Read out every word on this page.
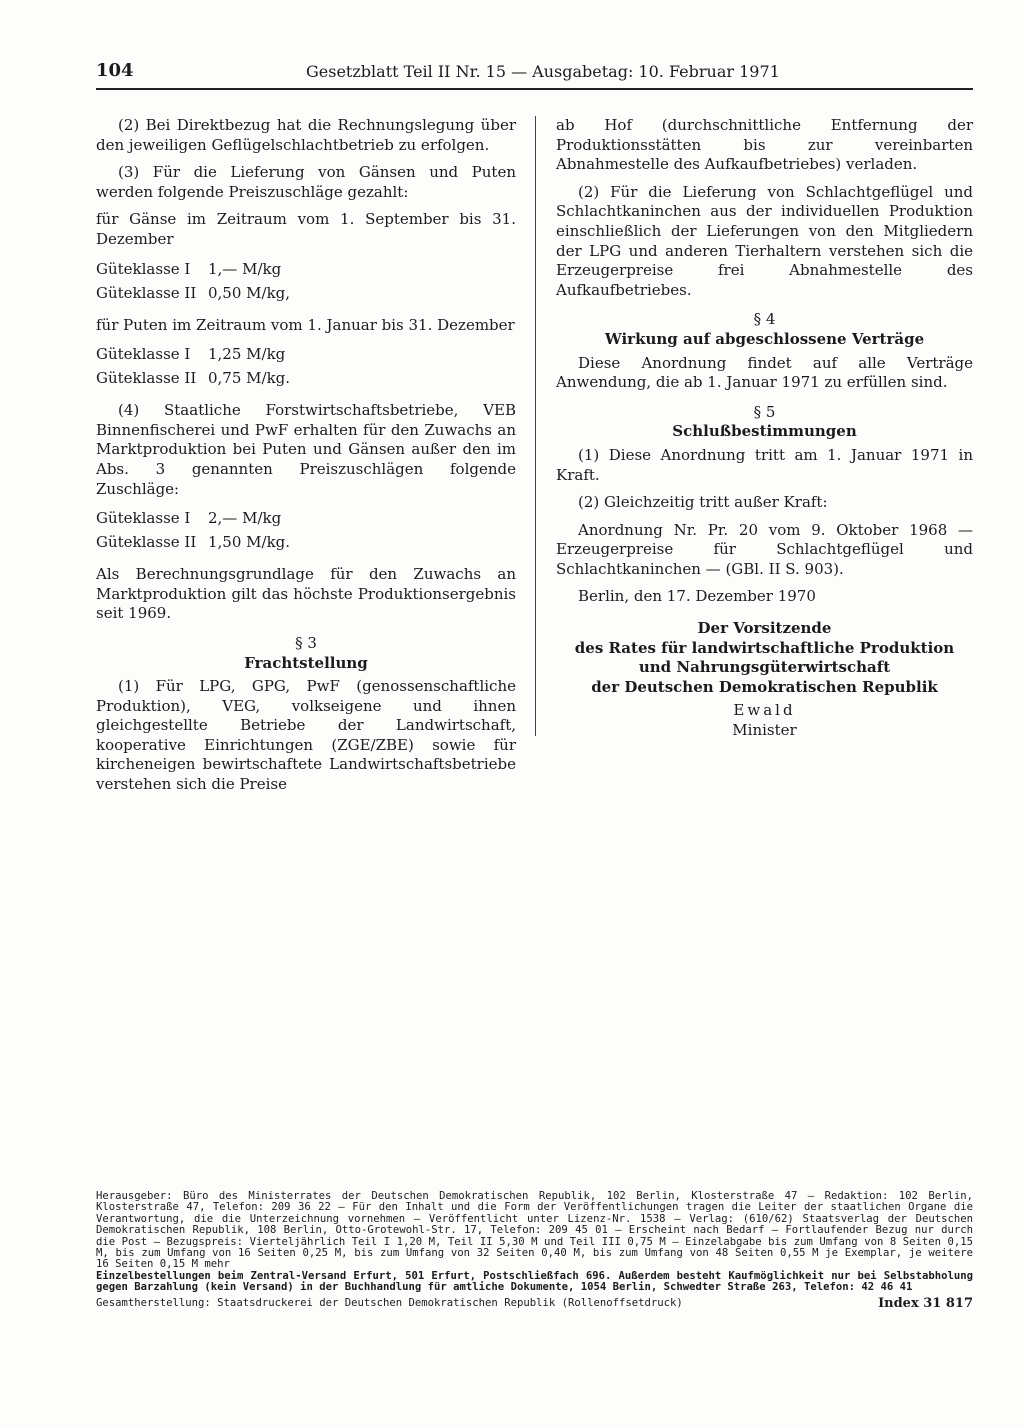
104	Gesetzblatt Teil II Nr. 15 — Ausgabetag: 10. Februar 1971

(2) Bei Direktbezug hat die Rechnungslegung über den jeweiligen Geflügelschlachtbetrieb zu erfolgen.

(3) Für die Lieferung von Gänsen und Puten werden folgende Preiszuschläge gezahlt:

für Gänse im Zeitraum vom 1. September bis 31. Dezember

Güteklasse I	1,— M/kg
Güteklasse II 0,50 M/kg,

für Puten im Zeitraum vom 1. Januar bis 31. Dezember

Güteklasse I	1,25 M/kg
Güteklasse II 0,75 M/kg.

(4) Staatliche Forstwirtschaftsbetriebe, VEB Binnenfischerei und PwF erhalten für den Zuwachs an Marktproduktion bei Puten und Gänsen außer den im Abs. 3 genannten Preiszuschlägen folgende Zuschläge:

Güteklasse I	2,— M/kg
Güteklasse II 1,50 M/kg.

Als Berechnungsgrundlage für den Zuwachs an Marktproduktion gilt das höchste Produktionsergebnis seit 1969.

§ 3

Frachtstellung

(1) Für LPG, GPG, PwF (genossenschaftliche Produktion), VEG, volkseigene und ihnen gleichgestellte Betriebe der Landwirtschaft, kooperative Einrichtungen (ZGE/ZBE) sowie für kircheneigen bewirtschaftete Landwirtschaftsbetriebe verstehen sich die Preise

ab Hof (durchschnittliche Entfernung der Produktionsstätten bis zur vereinbarten Abnahmestelle des Aufkaufbetriebes) verladen.

(2) Für die Lieferung von Schlachtgeflügel und Schlachtkaninchen aus der individuellen Produktion einschließlich der Lieferungen von den Mitgliedern der LPG und anderen Tierhaltern verstehen sich die Erzeugerpreise frei Abnahmestelle des Aufkaufbetriebes.

§ 4

Wirkung auf abgeschlossene Verträge

Diese Anordnung findet auf alle Verträge Anwendung, die ab 1. Januar 1971 zu erfüllen sind.

§ 5

Schlußbestimmungen

(1) Diese Anordnung tritt am 1. Januar 1971 in Kraft.

(2) Gleichzeitig tritt außer Kraft:

Anordnung Nr. Pr. 20 vom 9. Oktober 1968 — Erzeugerpreise für Schlachtgeflügel und Schlachtkaninchen — (GBl. II S. 903).

Berlin, den 17. Dezember 1970

Der Vorsitzende

des Rates für landwirtschaftliche Produktion

und Nahrungsgüterwirtschaft

der Deutschen Demokratischen Republik

Ewald

Minister

Herausgeber: Büro des Ministerrates der Deutschen Demokratischen Republik, 102 Berlin, Klosterstraße 47 — Redaktion: 102 Berlin, Klosterstraße 47, Telefon: 209 36 22 — Für den Inhalt und die Form der Veröffentlichungen tragen die Leiter der staatlichen Organe die Verantwortung, die die Unterzeichnung vornehmen — Veröffentlicht unter Lizenz-Nr. 1538 — Verlag: (610/62) Staatsverlag der Deutschen Demokratischen Republik, 108 Berlin, Otto-Grotewohl-Str. 17, Telefon: 209 45 01 — Erscheint nach Bedarf — Fortlaufender Bezug nur durch die Post — Bezugspreis: Vierteljährlich Teil I 1,20 M, Teil II 5,30 M und Teil III 0,75 M — Einzelabgabe bis zum Umfang von 8 Seiten 0,15 M, bis zum Umfang von 16 Seiten 0,25 M, bis zum Umfang von 32 Seiten 0,40 M, bis zum Umfang von 48 Seiten 0,55 M je Exemplar, je weitere 16 Seiten 0,15 M mehr

Einzelbestellungen beim Zentral-Versand Erfurt, 501 Erfurt, Postschließfach 696. Außerdem besteht Kaufmöglichkeit nur bei Selbstabholung gegen Barzahlung (kein Versand) in der Buchhandlung für amtliche Dokumente, 1054 Berlin, Schwedter Straße 263, Telefon: 42 46 41

Gesamtherstellung: Staatsdruckerei der Deutschen Demokratischen Republik (Rollenoffsetdruck)	Index 31 817
